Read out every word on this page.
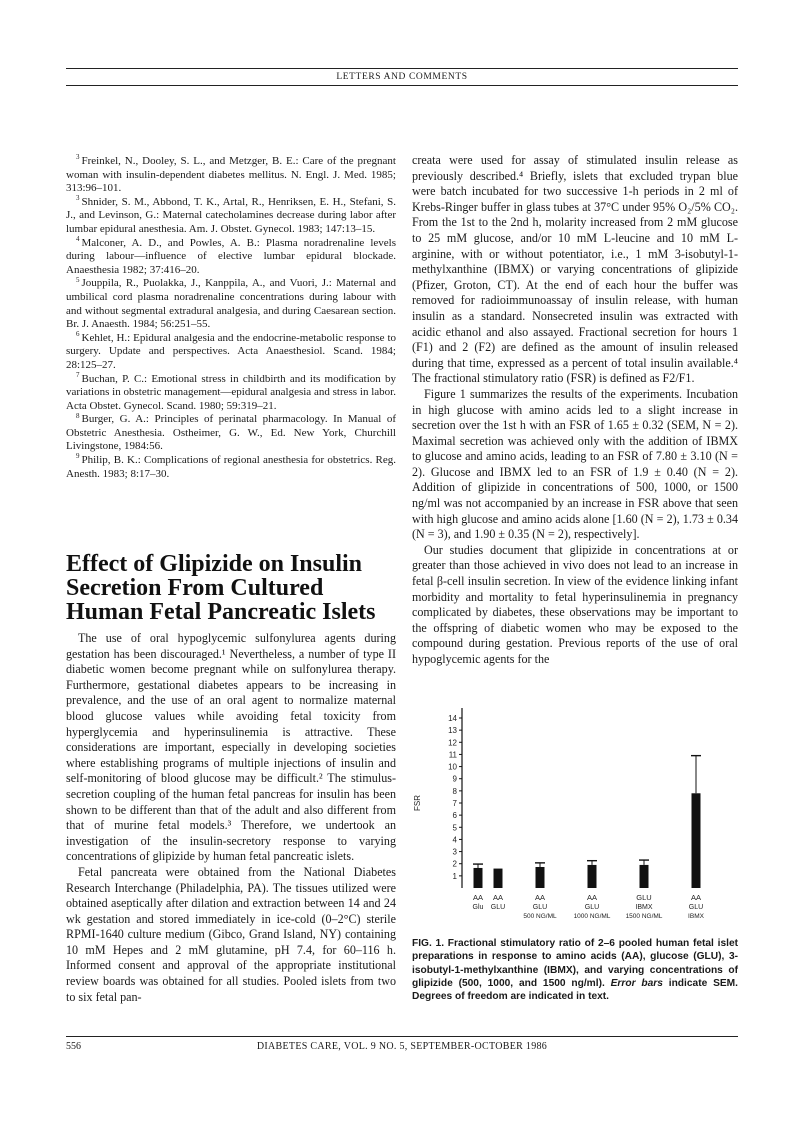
LETTERS AND COMMENTS

$^3$ Freinkel, N., Dooley, S. L., and Metzger, B. E.: Care of the pregnant woman with insulin-dependent diabetes mellitus. N. Engl. J. Med. 1985; 313:96–101.

$^3$ Shnider, S. M., Abbond, T. K., Artal, R., Henriksen, E. H., Stefani, S. J., and Levinson, G.: Maternal catecholamines decrease during labor after lumbar epidural anesthesia. Am. J. Obstet. Gynecol. 1983; 147:13–15.

$^4$ Malconer, A. D., and Powles, A. B.: Plasma noradrenaline levels during labour—influence of elective lumbar epidural blockade. Anaesthesia 1982; 37:416–20.

$^5$ Jouppila, R., Puolakka, J., Kanppila, A., and Vuori, J.: Maternal and umbilical cord plasma noradrenaline concentrations during labour with and without segmental extradural analgesia, and during Caesarean section. Br. J. Anaesth. 1984; 56:251–55.

$^6$ Kehlet, H.: Epidural analgesia and the endocrine-metabolic response to surgery. Update and perspectives. Acta Anaesthesiol. Scand. 1984; 28:125–27.

$^7$ Buchan, P. C.: Emotional stress in childbirth and its modification by variations in obstetric management—epidural analgesia and stress in labor. Acta Obstet. Gynecol. Scand. 1980; 59:319–21.

$^8$ Burger, G. A.: Principles of perinatal pharmacology. In Manual of Obstetric Anesthesia. Ostheimer, G. W., Ed. New York, Churchill Livingstone, 1984:56.

$^9$ Philip, B. K.: Complications of regional anesthesia for obstetrics. Reg. Anesth. 1983; 8:17–30.

Effect of Glipizide on Insulin
Secretion From Cultured
Human Fetal Pancreatic Islets

The use of oral hypoglycemic sulfonylurea agents during gestation has been discouraged.¹ Nevertheless, a number of type II diabetic women become pregnant while on sulfonylurea therapy. Furthermore, gestational diabetes appears to be increasing in prevalence, and the use of an oral agent to normalize maternal blood glucose values while avoiding fetal toxicity from hyperglycemia and hyperinsulinemia is attractive. These considerations are important, especially in developing societies where establishing programs of multiple injections of insulin and self-monitoring of blood glucose may be difficult.² The stimulus-secretion coupling of the human fetal pancreas for insulin has been shown to be different than that of the adult and also different from that of murine fetal models.³ Therefore, we undertook an investigation of the insulin-secretory response to varying concentrations of glipizide by human fetal pancreatic islets.

Fetal pancreata were obtained from the National Diabetes Research Interchange (Philadelphia, PA). The tissues utilized were obtained aseptically after dilation and extraction between 14 and 24 wk gestation and stored immediately in ice-cold (0–2°C) sterile RPMI-1640 culture medium (Gibco, Grand Island, NY) containing 10 mM Hepes and 2 mM glutamine, pH 7.4, for 60–116 h. Informed consent and approval of the appropriate institutional review boards was obtained for all studies. Pooled islets from two to six fetal pan-

creata were used for assay of stimulated insulin release as previously described.⁴ Briefly, islets that excluded trypan blue were batch incubated for two successive 1-h periods in 2 ml of Krebs-Ringer buffer in glass tubes at 37°C under 95% O₂/5% CO₂. From the 1st to the 2nd h, molarity increased from 2 mM glucose to 25 mM glucose, and/or 10 mM L-leucine and 10 mM L-arginine, with or without potentiator, i.e., 1 mM 3-isobutyl-1-methylxanthine (IBMX) or varying concentrations of glipizide (Pfizer, Groton, CT). At the end of each hour the buffer was removed for radioimmunoassay of insulin release, with human insulin as a standard. Nonsecreted insulin was extracted with acidic ethanol and also assayed. Fractional secretion for hours 1 (F1) and 2 (F2) are defined as the amount of insulin released during that time, expressed as a percent of total insulin available.⁴ The fractional stimulatory ratio (FSR) is defined as F2/F1.

Figure 1 summarizes the results of the experiments. Incubation in high glucose with amino acids led to a slight increase in secretion over the 1st h with an FSR of 1.65 ± 0.32 (SEM, N = 2). Maximal secretion was achieved only with the addition of IBMX to glucose and amino acids, leading to an FSR of 7.80 ± 3.10 (N = 2). Glucose and IBMX led to an FSR of 1.9 ± 0.40 (N = 2). Addition of glipizide in concentrations of 500, 1000, or 1500 ng/ml was not accompanied by an increase in FSR above that seen with high glucose and amino acids alone [1.60 (N = 2), 1.73 ± 0.34 (N = 3), and 1.90 ± 0.35 (N = 2), respectively].

Our studies document that glipizide in concentrations at or greater than those achieved in vivo does not lead to an increase in fetal β-cell insulin secretion. In view of the evidence linking infant morbidity and mortality to fetal hyperinsulinemia in pregnancy complicated by diabetes, these observations may be important to the offspring of diabetic women who may be exposed to the compound during gestation. Previous reports of the use of oral hypoglycemic agents for the

1
2
3
4
5
6
7
8
9
10
11
12
13
14
FSR
AA
Glu
AA
GLU
AA
GLU
500 NG/ML
AA
GLU
1000 NG/ML
GLU
IBMX
1500 NG/ML
AA
GLU
IBMX
FIG. 1. Fractional stimulatory ratio of 2–6 pooled human fetal islet preparations in response to amino acids (AA), glucose (GLU), 3-isobutyl-1-methylxanthine (IBMX), and varying concentrations of glipizide (500, 1000, and 1500 ng/ml). Error bars indicate SEM. Degrees of freedom are indicated in text.
556	DIABETES CARE, VOL. 9 NO. 5, SEPTEMBER-OCTOBER 1986
